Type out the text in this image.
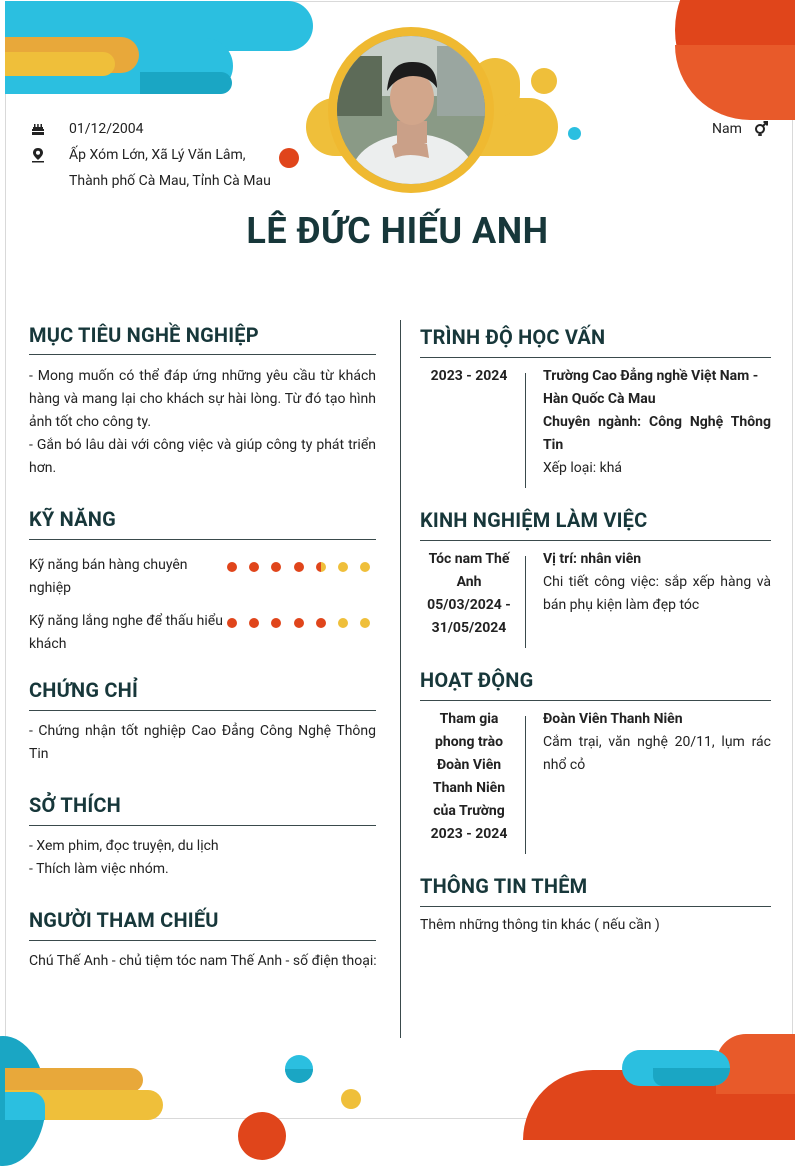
01/12/2004
Ấp Xóm Lớn, Xã Lý Văn Lâm,
Thành phố Cà Mau, Tỉnh Cà Mau
Nam
LÊ ĐỨC HIẾU ANH
MỤC TIÊU NGHỀ NGHIỆP
- Mong muốn có thể đáp ứng những yêu cầu từ khách hàng và mang lại cho khách sự hài lòng. Từ đó tạo hình ảnh tốt cho công ty.
- Gắn bó lâu dài với công việc và giúp công ty phát triển hơn.
KỸ NĂNG
Kỹ năng bán hàng chuyên nghiệp
Kỹ năng lắng nghe để thấu hiểu khách
CHỨNG CHỈ
- Chứng nhận tốt nghiệp Cao Đẳng Công Nghệ Thông Tin
SỞ THÍCH
- Xem phim, đọc truyện, du lịch
- Thích làm việc nhóm.
NGƯỜI THAM CHIẾU
Chú Thế Anh - chủ tiệm tóc nam Thế Anh - số điện thoại:
TRÌNH ĐỘ HỌC VẤN
2023 - 2024	Trường Cao Đẳng nghề Việt Nam - Hàn Quốc Cà Mau
Chuyên ngành: Công Nghệ Thông Tin
Xếp loại: khá
KINH NGHIỆM LÀM VIỆC
Tóc nam Thế Anh
05/03/2024 - 31/05/2024
Vị trí: nhân viên
Chi tiết công việc: sắp xếp hàng và bán phụ kiện làm đẹp tóc
HOẠT ĐỘNG
Tham gia phong trào Đoàn Viên Thanh Niên của Trường 2023 - 2024
Đoàn Viên Thanh Niên
Cắm trại, văn nghệ 20/11, lụm rác nhổ cỏ
THÔNG TIN THÊM
Thêm những thông tin khác ( nếu cần )
